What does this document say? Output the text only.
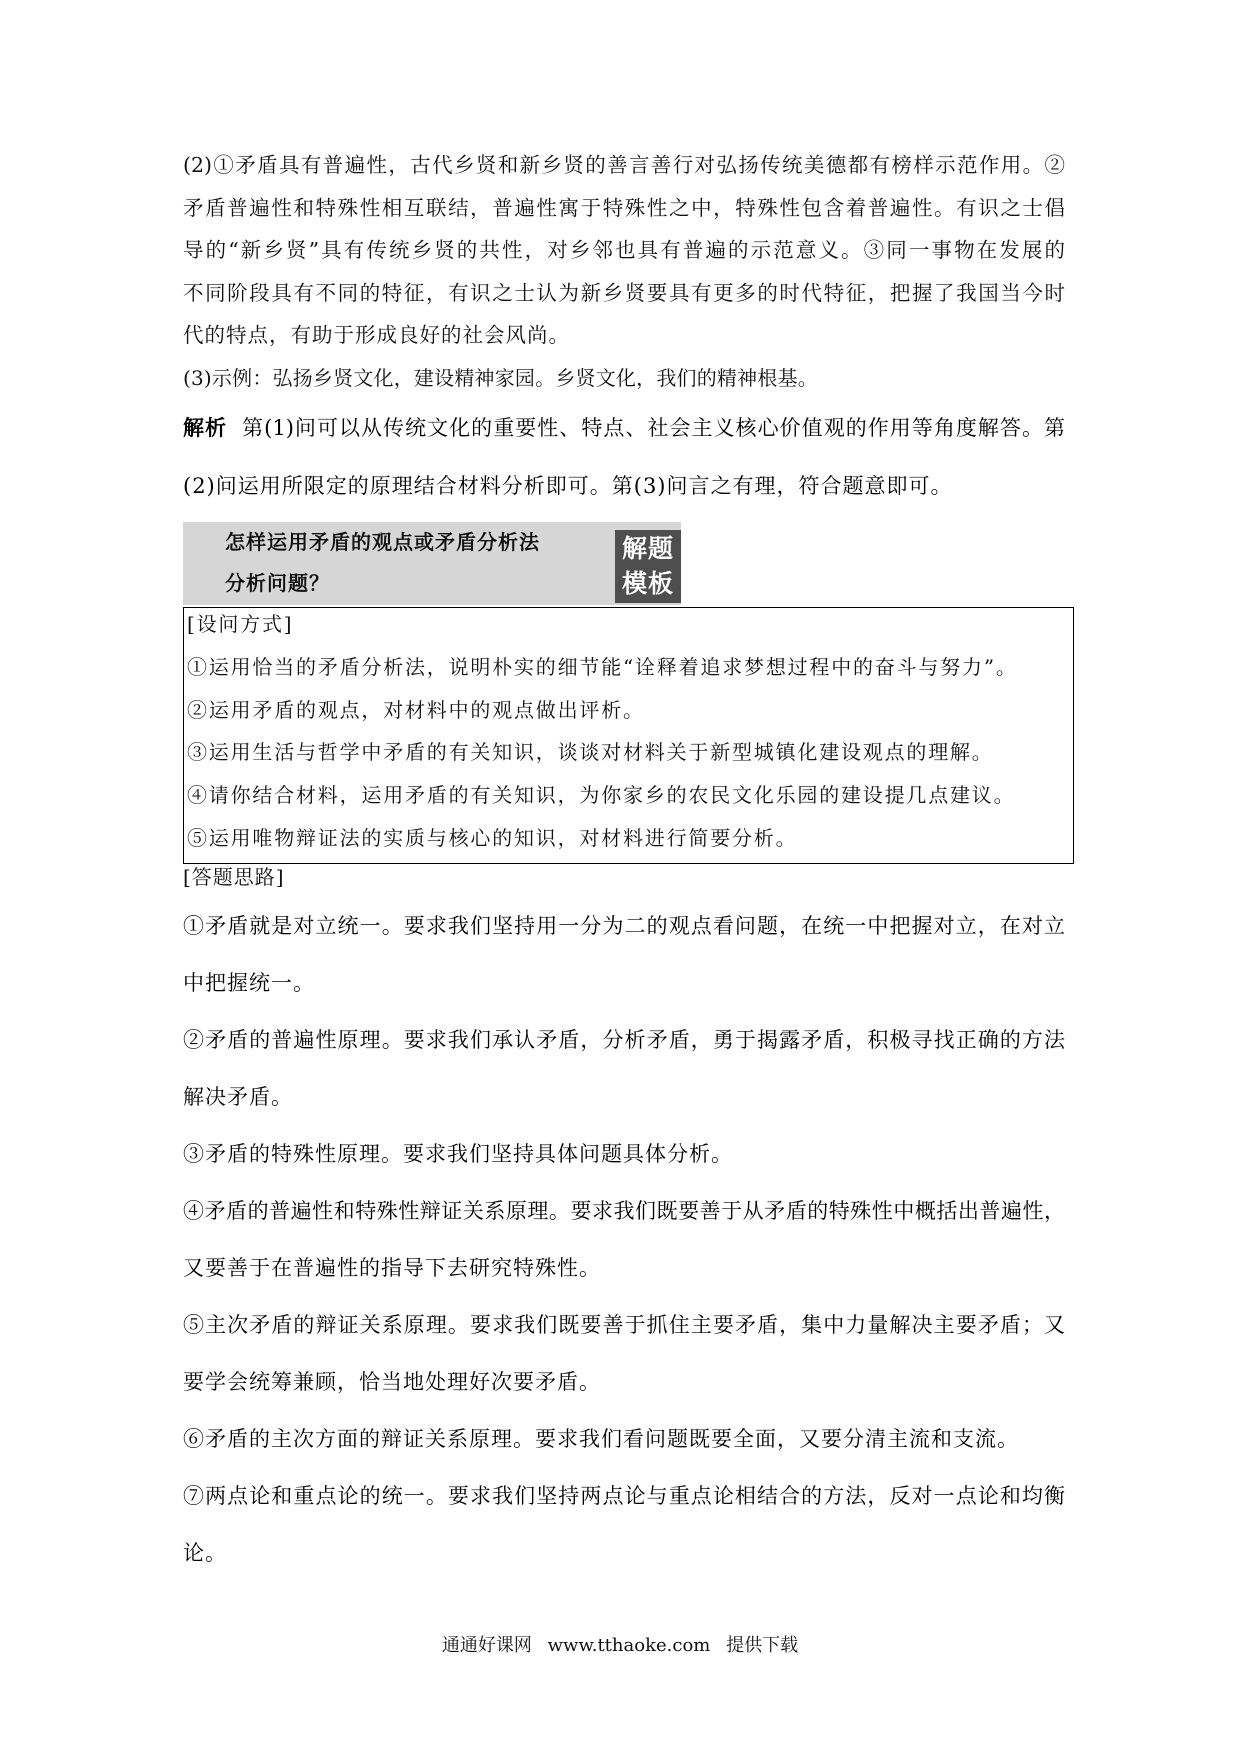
(2)①矛盾具有普遍性，古代乡贤和新乡贤的善言善行对弘扬传统美德都有榜样示范作用。②
矛盾普遍性和特殊性相互联结，普遍性寓于特殊性之中，特殊性包含着普遍性。有识之士倡
导的“新乡贤”具有传统乡贤的共性，对乡邻也具有普遍的示范意义。③同一事物在发展的
不同阶段具有不同的特征，有识之士认为新乡贤要具有更多的时代特征，把握了我国当今时
代的特点，有助于形成良好的社会风尚。
(3)示例：弘扬乡贤文化，建设精神家园。乡贤文化，我们的精神根基。
解析 第(1)问可以从传统文化的重要性、特点、社会主义核心价值观的作用等角度解答。第
(2)问运用所限定的原理结合材料分析即可。第(3)问言之有理，符合题意即可。
怎样运用矛盾的观点或矛盾分析法
分析问题？
解题
模板
[设问方式]
①运用恰当的矛盾分析法，说明朴实的细节能“诠释着追求梦想过程中的奋斗与努力”。
②运用矛盾的观点，对材料中的观点做出评析。
③运用生活与哲学中矛盾的有关知识，谈谈对材料关于新型城镇化建设观点的理解。
④请你结合材料，运用矛盾的有关知识，为你家乡的农民文化乐园的建设提几点建议。
⑤运用唯物辩证法的实质与核心的知识，对材料进行简要分析。
[答题思路]
①矛盾就是对立统一。要求我们坚持用一分为二的观点看问题，在统一中把握对立，在对立
中把握统一。
②矛盾的普遍性原理。要求我们承认矛盾，分析矛盾，勇于揭露矛盾，积极寻找正确的方法
解决矛盾。
③矛盾的特殊性原理。要求我们坚持具体问题具体分析。
④矛盾的普遍性和特殊性辩证关系原理。要求我们既要善于从矛盾的特殊性中概括出普遍性，
又要善于在普遍性的指导下去研究特殊性。
⑤主次矛盾的辩证关系原理。要求我们既要善于抓住主要矛盾，集中力量解决主要矛盾；又
要学会统筹兼顾，恰当地处理好次要矛盾。
⑥矛盾的主次方面的辩证关系原理。要求我们看问题既要全面，又要分清主流和支流。
⑦两点论和重点论的统一。要求我们坚持两点论与重点论相结合的方法，反对一点论和均衡
论。
通通好课网 www.tthaoke.com 提供下载
